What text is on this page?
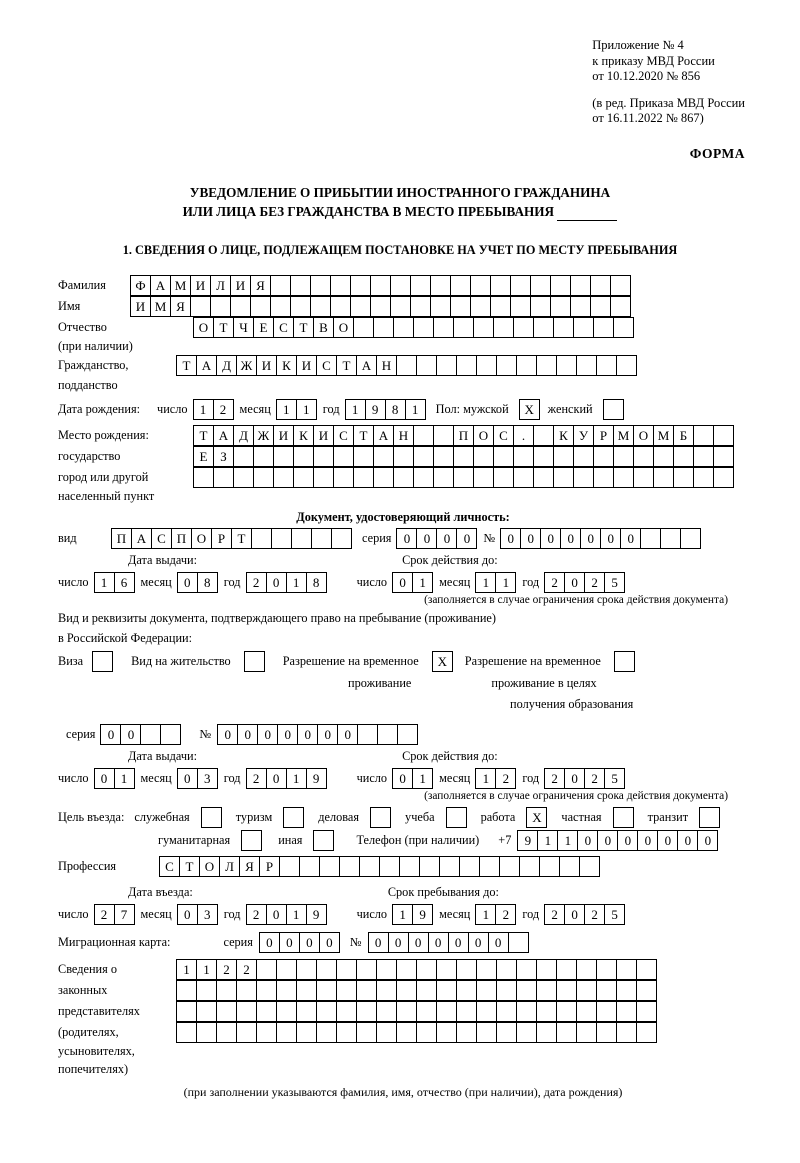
Приложение № 4
к приказу МВД России
от 10.12.2020 № 856
(в ред. Приказа МВД России
от 16.11.2022 № 867)
ФОРМА
УВЕДОМЛЕНИЕ О ПРИБЫТИИ ИНОСТРАННОГО ГРАЖДАНИНА
ИЛИ ЛИЦА БЕЗ ГРАЖДАНСТВА В МЕСТО ПРЕБЫВАНИЯ
1. СВЕДЕНИЯ О ЛИЦЕ, ПОДЛЕЖАЩЕМ ПОСТАНОВКЕ НА УЧЕТ ПО МЕСТУ ПРЕБЫВАНИЯ
Фамилия	Ф А М И Л И Я
Имя	И М Я
Отчество	О Т Ч Е С Т В О
(при наличии)
Гражданство,	Т А Д Ж И К И С Т А Н
подданство
Дата рождения: число 1	2	месяц 1	1	год 1	9	8	1	Пол: мужской	X	женский
Место рождения:	Т А Д Ж И К И С Т А Н	П О С	.	К У Р М О М Б
государство	Е З
город или другой
населенный пункт
Документ, удостоверяющий личность:
вид	П А С П О Р Т	серия 0	0	0	0	№ 0	0	0	0	0	0	0
Дата выдачи:	Срок действия до:
число 1	6	месяц 0	8	год 2	0	1	8	число 0	1	месяц 1	1	год 2	0	2	5
(заполняется в случае ограничения срока действия документа)
Вид и реквизиты документа, подтверждающего право на пребывание (проживание)
в Российской Федерации:
Виза	Вид на жительство	Разрешение на временное	X	Разрешение на временное
проживание	проживание в целях
получения образования
серия 0	0	№	0	0	0	0	0	0	0
Дата выдачи:	Срок действия до:
число 0	1	месяц 0	3	год 2	0	1	9	число 0	1	месяц 1	2	год 2	0	2	5
(заполняется в случае ограничения срока действия документа)
Цель въезда: служебная	туризм	деловая	учеба	работа	X	частная	транзит
гуманитарная	иная	Телефон (при наличии) +7	9	1	1	0	0	0	0	0	0	0
Профессия	С Т О Л Я Р
Дата въезда:	Срок пребывания до:
число 2	7	месяц 0	3	год 2	0	1	9	число 1	9	месяц 1	2	год 2	0	2	5
Миграционная карта:	серия	0	0	0	0	№	0	0	0	0	0	0	0
Сведения о	1	1	2	2
законных
представителях
(родителях,
усыновителях,
попечителях)
(при заполнении указываются фамилия, имя, отчество (при наличии), дата рождения)
